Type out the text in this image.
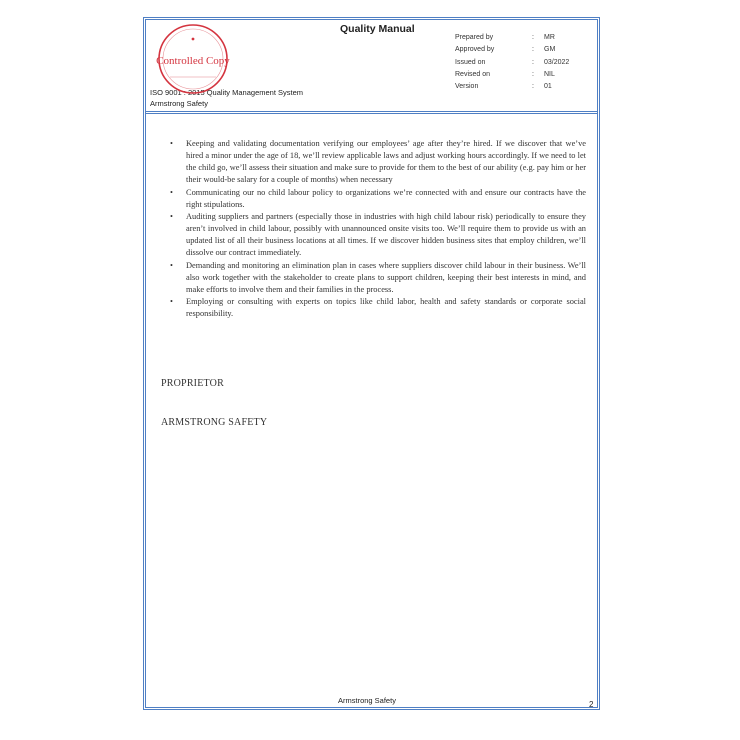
Quality Manual
Prepared by	: MR
Approved by	: GM
Issued on	: 03/2022
Revised on	: NIL
Version	: 01
ISO 9001 : 2015 Quality Management System
Armstrong Safety
Controlled Copy
• Keeping and validating documentation verifying our employees’ age after they’re hired. If we discover that we’ve hired a minor under the age of 18, we’ll review applicable laws and adjust working hours accordingly. If we need to let the child go, we’ll assess their situation and make sure to provide for them to the best of our ability (e.g. pay him or her their would-be salary for a couple of months) when necessary
• Communicating our no child labour policy to organizations we’re connected with and ensure our contracts have the right stipulations.
• Auditing suppliers and partners (especially those in industries with high child labour risk) periodically to ensure they aren’t involved in child labour, possibly with unannounced onsite visits too. We’ll require them to provide us with an updated list of all their business locations at all times. If we discover hidden business sites that employ children, we’ll dissolve our contract immediately.
• Demanding and monitoring an elimination plan in cases where suppliers discover child labour in their business. We’ll also work together with the stakeholder to create plans to support children, keeping their best interests in mind, and make efforts to involve them and their families in the process.
• Employing or consulting with experts on topics like child labor, health and safety standards or corporate social responsibility.
PROPRIETOR
ARMSTRONG SAFETY
Armstrong Safety	2
